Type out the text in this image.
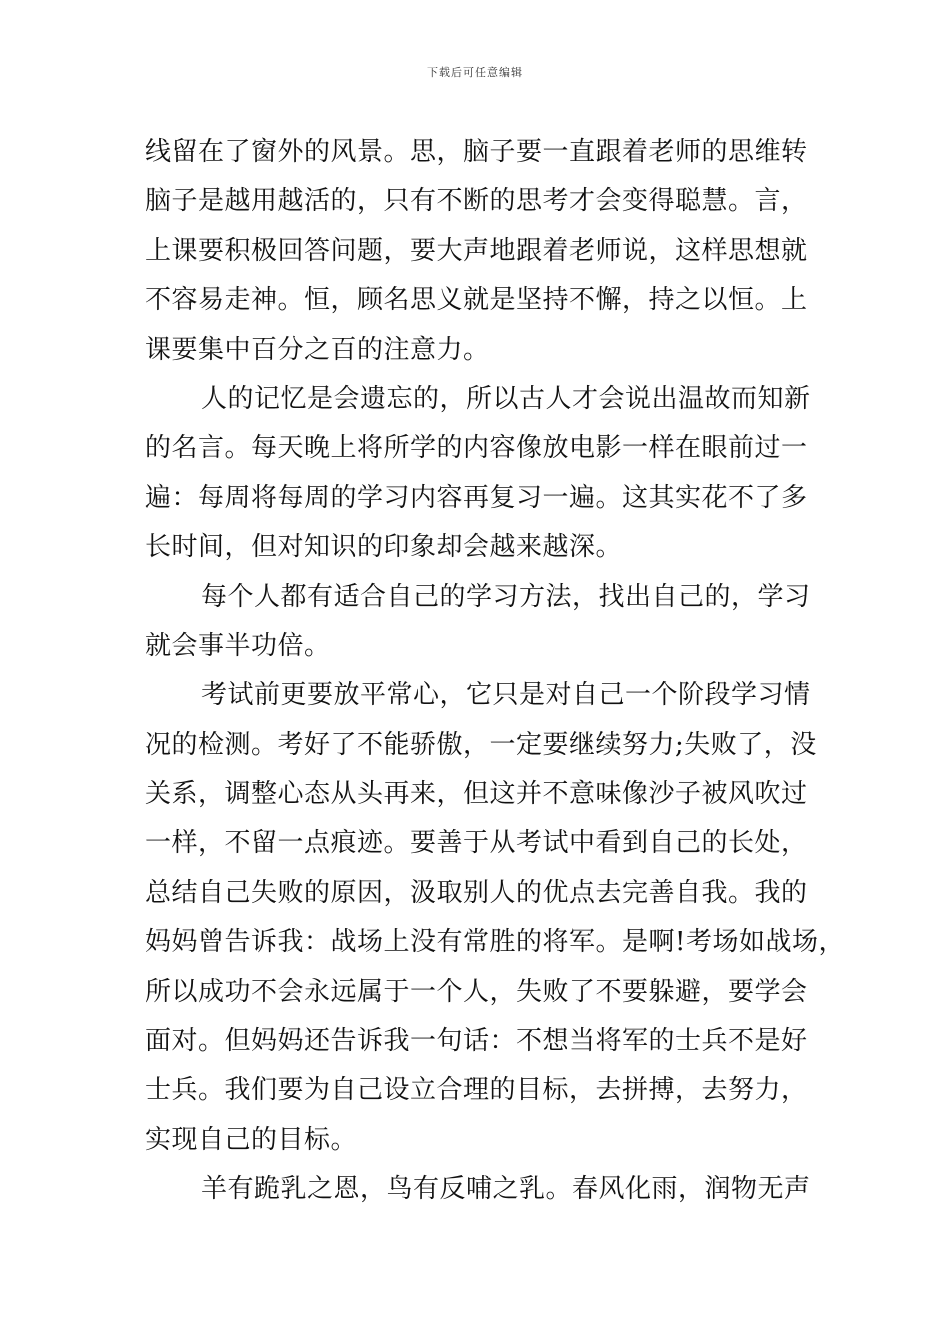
下载后可任意编辑
线留在了窗外的风景。思，脑子要一直跟着老师的思维转
脑子是越用越活的，只有不断的思考才会变得聪慧。言，
上课要积极回答问题，要大声地跟着老师说，这样思想就
不容易走神。恒，顾名思义就是坚持不懈，持之以恒。上
课要集中百分之百的注意力。
人的记忆是会遗忘的，所以古人才会说出温故而知新
的名言。每天晚上将所学的内容像放电影一样在眼前过一
遍：每周将每周的学习内容再复习一遍。这其实花不了多
长时间，但对知识的印象却会越来越深。
每个人都有适合自己的学习方法，找出自己的，学习
就会事半功倍。
考试前更要放平常心，它只是对自己一个阶段学习情
况的检测。考好了不能骄傲，一定要继续努力;失败了，没
关系，调整心态从头再来，但这并不意味像沙子被风吹过
一样，不留一点痕迹。要善于从考试中看到自己的长处，
总结自己失败的原因，汲取别人的优点去完善自我。我的
妈妈曾告诉我：战场上没有常胜的将军。是啊!考场如战场，
所以成功不会永远属于一个人，失败了不要躲避，要学会
面对。但妈妈还告诉我一句话：不想当将军的士兵不是好
士兵。我们要为自己设立合理的目标，去拼搏，去努力，
实现自己的目标。
羊有跪乳之恩，鸟有反哺之乳。春风化雨，润物无声
